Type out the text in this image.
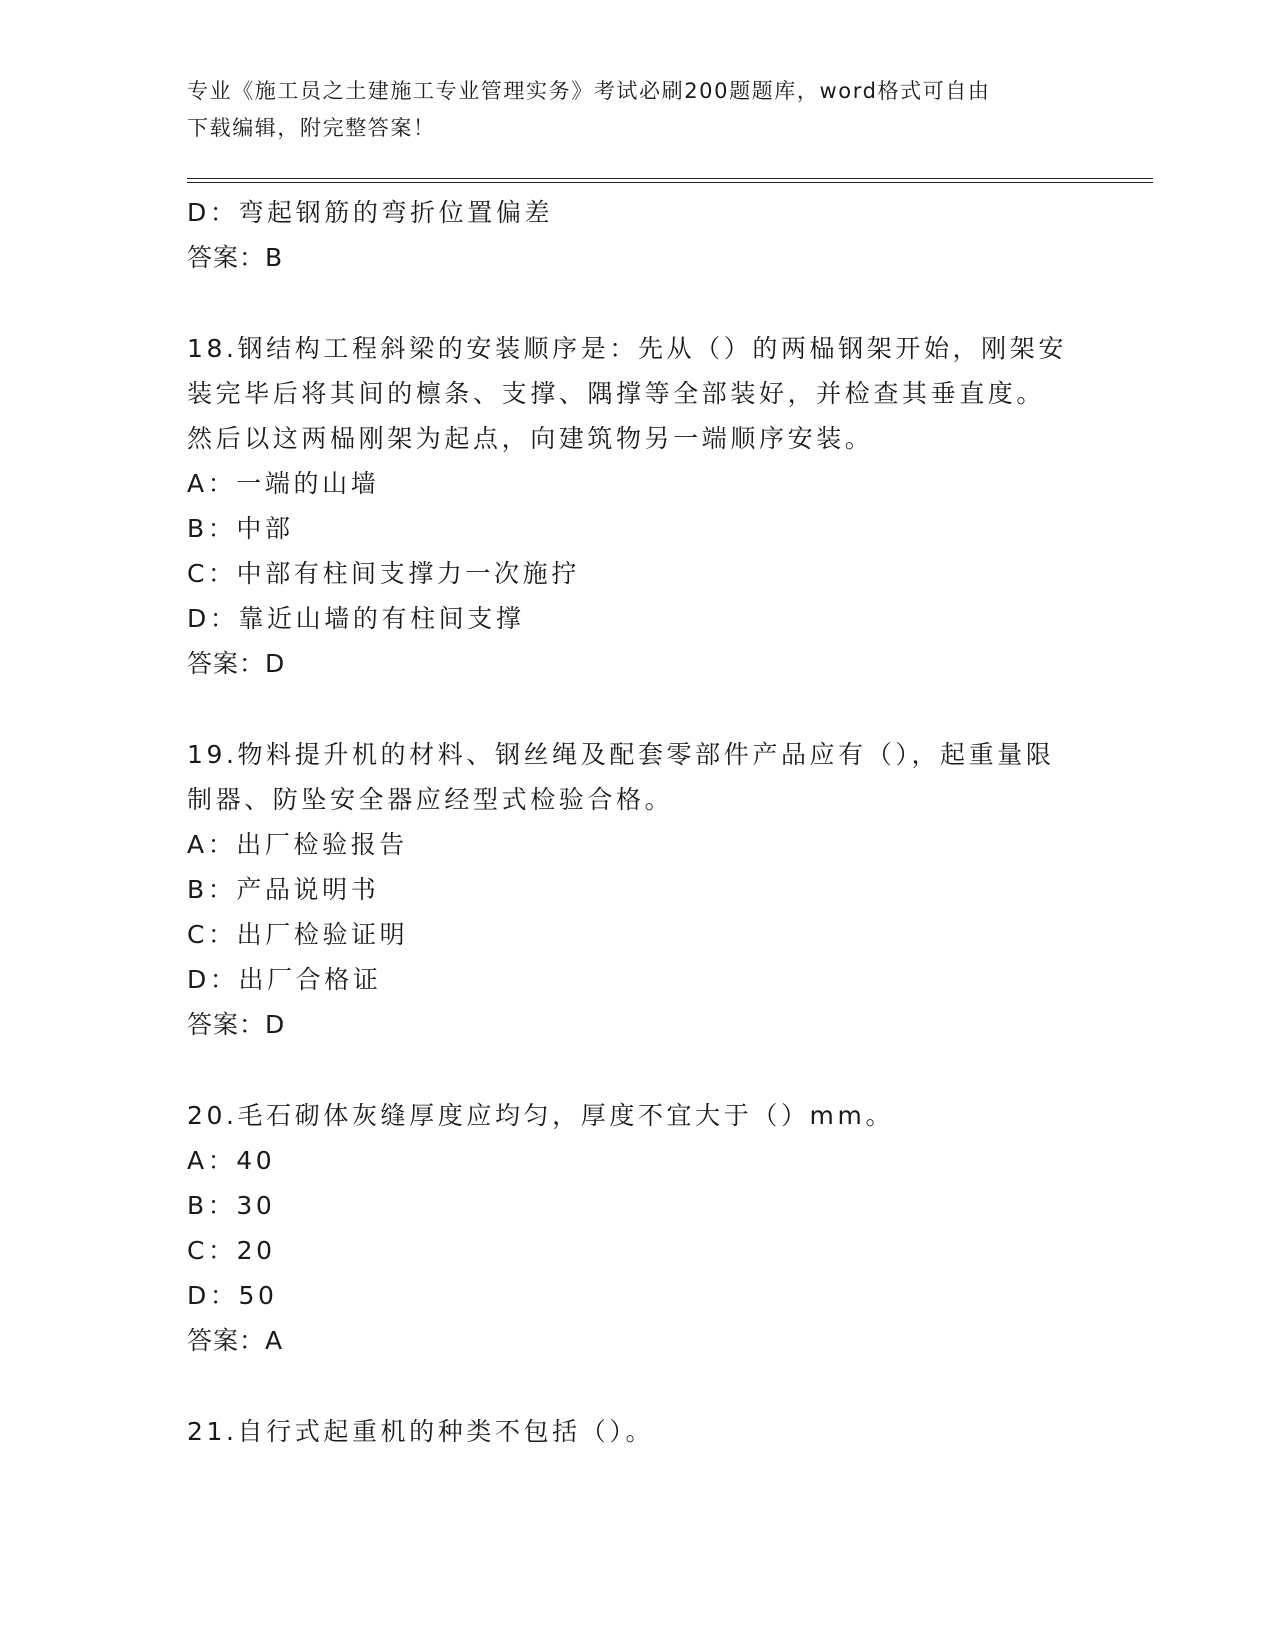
专业《施工员之土建施工专业管理实务》考试必刷200题题库，word格式可自由
下载编辑，附完整答案！
D：弯起钢筋的弯折位置偏差
答案：B
18.钢结构工程斜梁的安装顺序是：先从（）的两榀钢架开始，刚架安
装完毕后将其间的檩条、支撑、隅撑等全部装好，并检查其垂直度。
然后以这两榀刚架为起点，向建筑物另一端顺序安装。
A：一端的山墙
B：中部
C：中部有柱间支撑力一次施拧
D：靠近山墙的有柱间支撑
答案：D
19.物料提升机的材料、钢丝绳及配套零部件产品应有（），起重量限
制器、防坠安全器应经型式检验合格。
A：出厂检验报告
B：产品说明书
C：出厂检验证明
D：出厂合格证
答案：D
20.毛石砌体灰缝厚度应均匀，厚度不宜大于（）mm。
A：40
B：30
C：20
D：50
答案：A
21.自行式起重机的种类不包括（）。
